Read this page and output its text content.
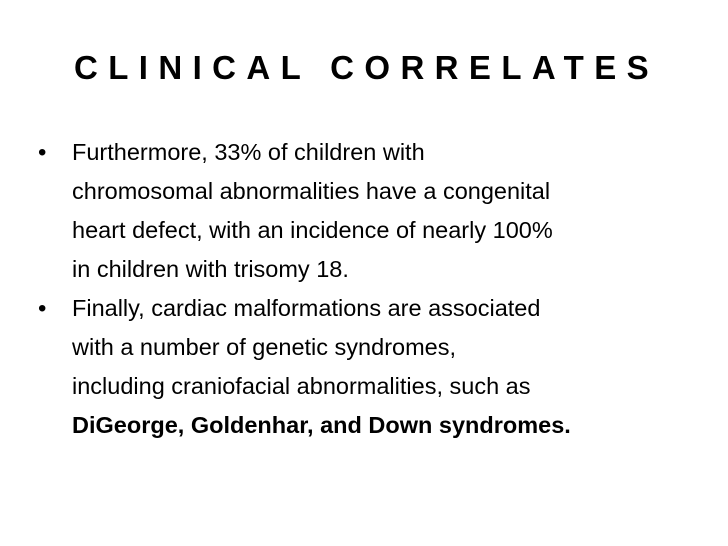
CLINICAL CORRELATES
•	Furthermore, 33% of children with
chromosomal abnormalities have a congenital
heart defect, with an incidence of nearly 100%
in children with trisomy 18.
•	Finally, cardiac malformations are associated
with a number of genetic syndromes,
including craniofacial abnormalities, such as
DiGeorge, Goldenhar, and Down syndromes.
